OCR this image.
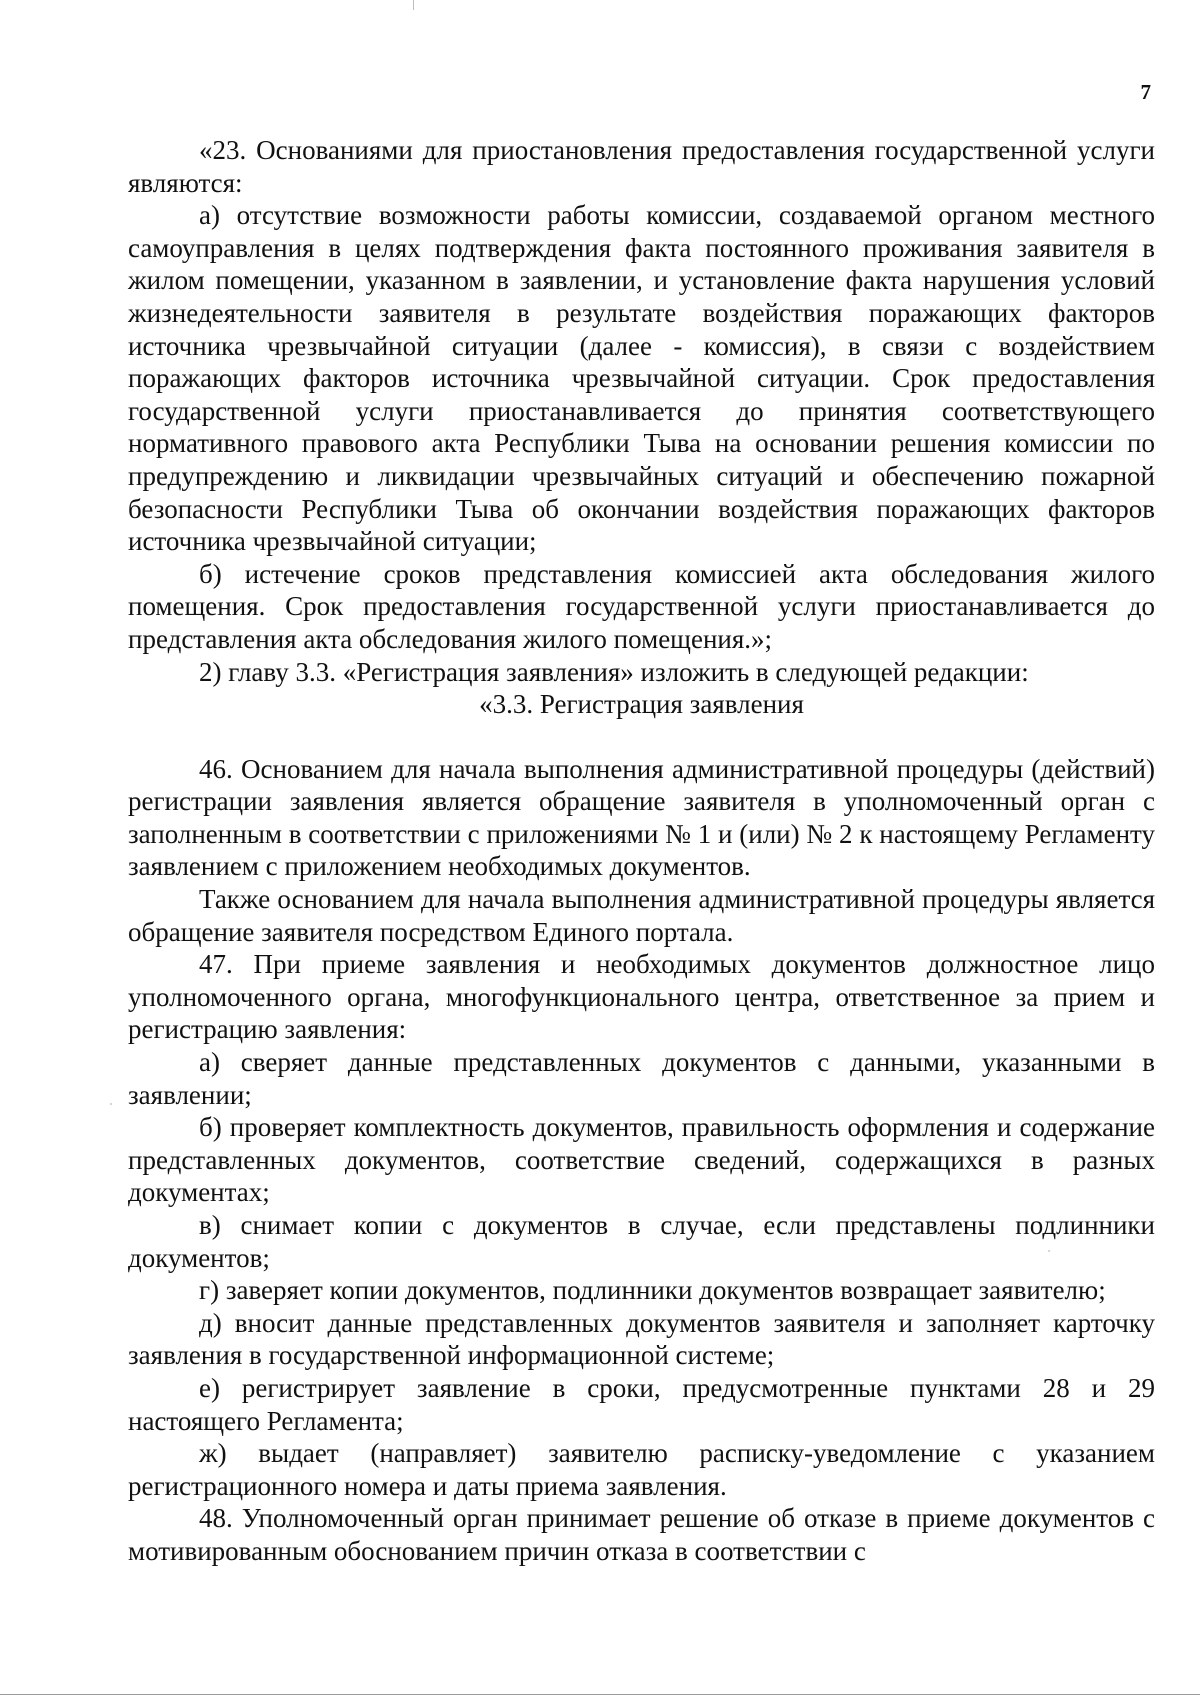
7

«23. Основаниями для приостановления предоставления государственной услуги являются:

а) отсутствие возможности работы комиссии, создаваемой органом местного самоуправления в целях подтверждения факта постоянного проживания заявителя в жилом помещении, указанном в заявлении, и установление факта нарушения условий жизнедеятельности заявителя в результате воздействия поражающих факторов источника чрезвычайной ситуации (далее - комиссия), в связи с воздействием поражающих факторов источника чрезвычайной ситуации. Срок предоставления государственной услуги приостанавливается до принятия соответствующего нормативного правового акта Республики Тыва на основании решения комиссии по предупреждению и ликвидации чрезвычайных ситуаций и обеспечению пожарной безопасности Республики Тыва об окончании воздействия поражающих факторов источника чрезвычайной ситуации;

б) истечение сроков представления комиссией акта обследования жилого помещения. Срок предоставления государственной услуги приостанавливается до представления акта обследования жилого помещения.»;

2) главу 3.3. «Регистрация заявления» изложить в следующей редакции:

«3.3. Регистрация заявления

46. Основанием для начала выполнения административной процедуры (действий) регистрации заявления является обращение заявителя в уполномоченный орган с заполненным в соответствии с приложениями № 1 и (или) № 2 к настоящему Регламенту заявлением с приложением необходимых документов.

Также основанием для начала выполнения административной процедуры является обращение заявителя посредством Единого портала.

47. При приеме заявления и необходимых документов должностное лицо уполномоченного органа, многофункционального центра, ответственное за прием и регистрацию заявления:

а) сверяет данные представленных документов с данными, указанными в заявлении;

б) проверяет комплектность документов, правильность оформления и содержание представленных документов, соответствие сведений, содержащихся в разных документах;

в) снимает копии с документов в случае, если представлены подлинники документов;

г) заверяет копии документов, подлинники документов возвращает заявителю;

д) вносит данные представленных документов заявителя и заполняет карточку заявления в государственной информационной системе;

е) регистрирует заявление в сроки, предусмотренные пунктами 28 и 29 настоящего Регламента;

ж) выдает (направляет) заявителю расписку-уведомление с указанием регистрационного номера и даты приема заявления.

48. Уполномоченный орган принимает решение об отказе в приеме документов с мотивированным обоснованием причин отказа в соответствии с
